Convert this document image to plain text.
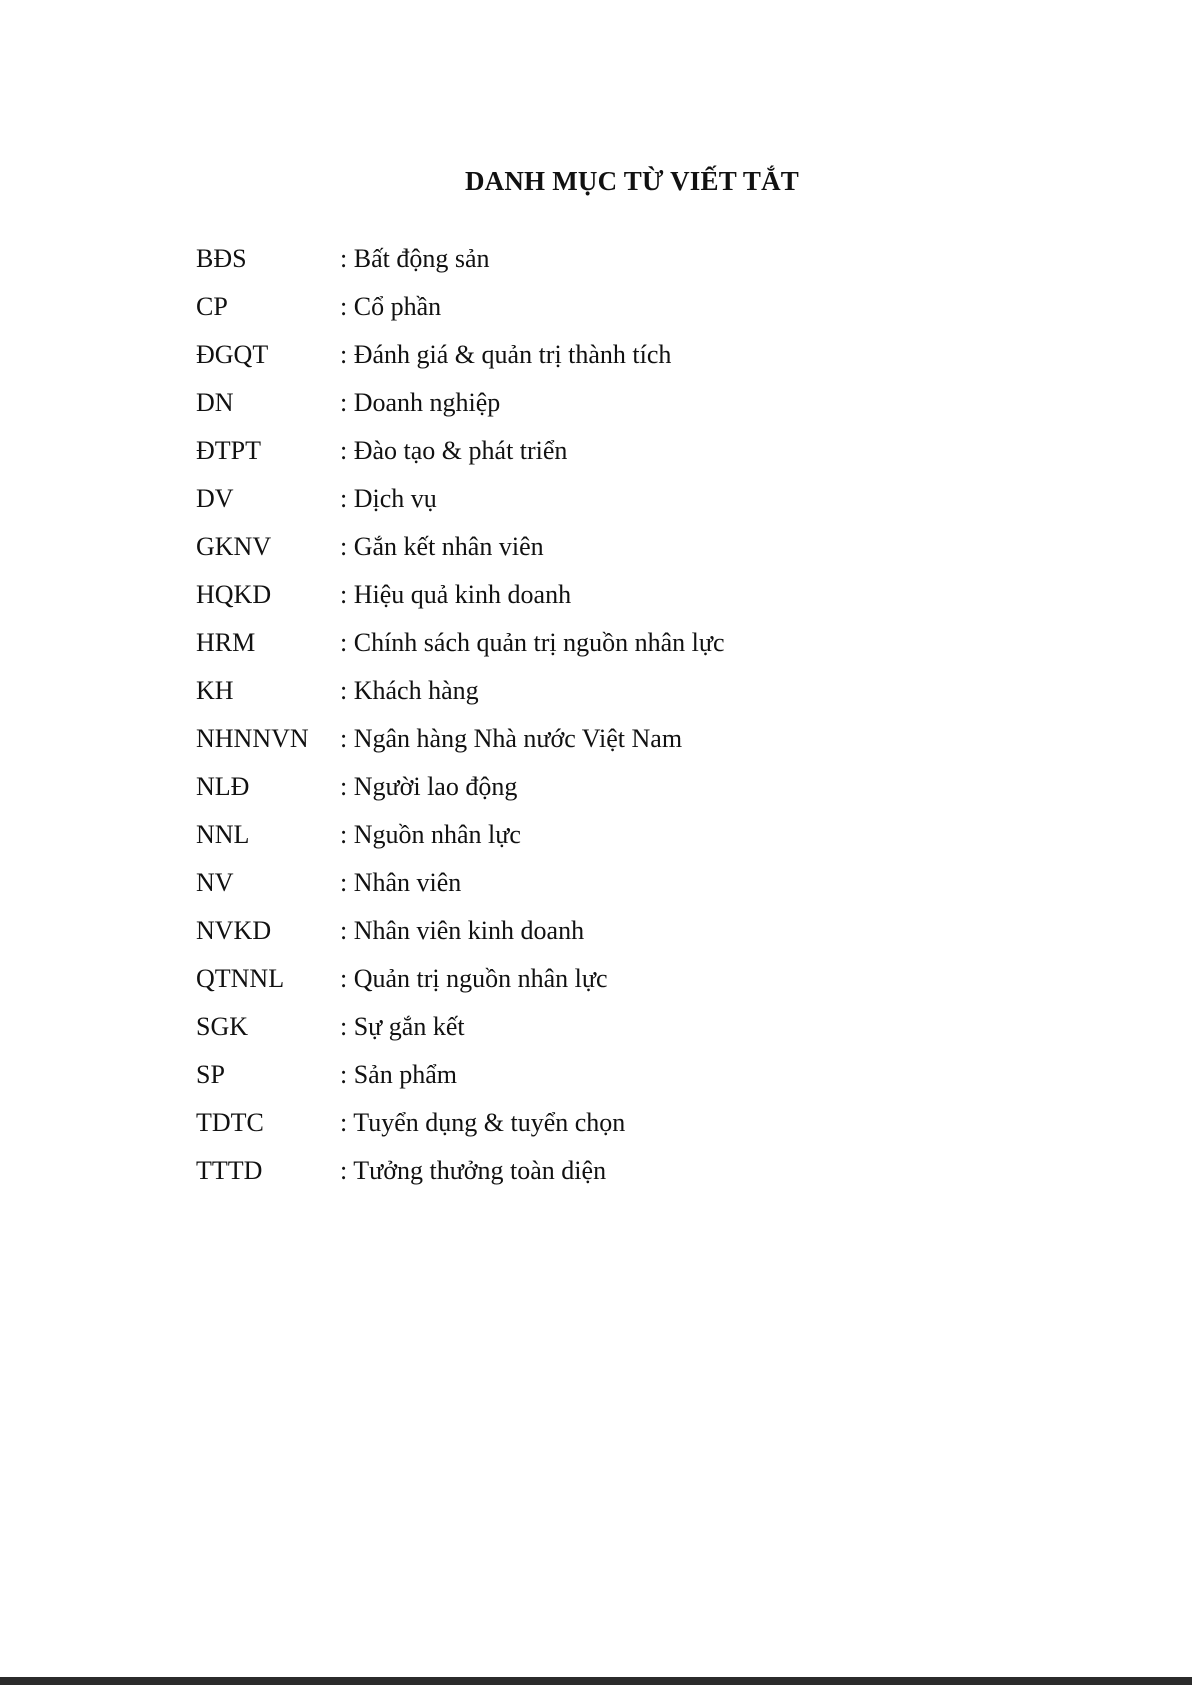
DANH MỤC TỪ VIẾT TẮT
BĐS	: Bất động sản
CP	: Cổ phần
ĐGQT	: Đánh giá & quản trị thành tích
DN	: Doanh nghiệp
ĐTPT	: Đào tạo & phát triển
DV	: Dịch vụ
GKNV	: Gắn kết nhân viên
HQKD	: Hiệu quả kinh doanh
HRM	: Chính sách quản trị nguồn nhân lực
KH	: Khách hàng
NHNNVN	: Ngân hàng Nhà nước Việt Nam
NLĐ	: Người lao động
NNL	: Nguồn nhân lực
NV	: Nhân viên
NVKD	: Nhân viên kinh doanh
QTNNL	: Quản trị nguồn nhân lực
SGK	: Sự gắn kết
SP	: Sản phẩm
TDTC	: Tuyển dụng & tuyển chọn
TTTD	: Tưởng thưởng toàn diện
